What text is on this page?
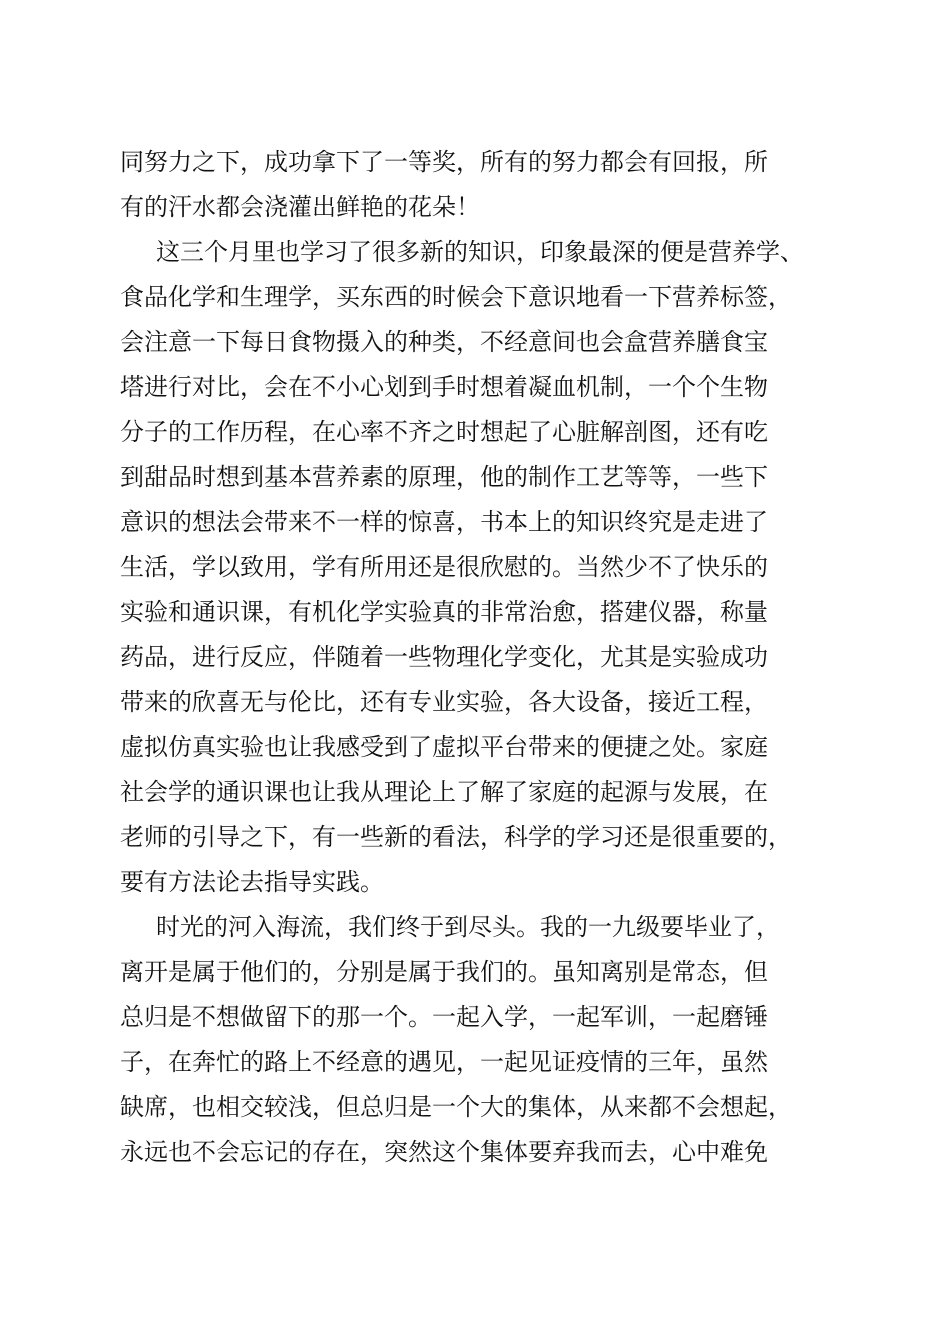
同努力之下，成功拿下了一等奖，所有的努力都会有回报，所
有的汗水都会浇灌出鲜艳的花朵！
这三个月里也学习了很多新的知识，印象最深的便是营养学、
食品化学和生理学，买东西的时候会下意识地看一下营养标签，
会注意一下每日食物摄入的种类，不经意间也会盒营养膳食宝
塔进行对比，会在不小心划到手时想着凝血机制，一个个生物
分子的工作历程，在心率不齐之时想起了心脏解剖图，还有吃
到甜品时想到基本营养素的原理，他的制作工艺等等，一些下
意识的想法会带来不一样的惊喜，书本上的知识终究是走进了
生活，学以致用，学有所用还是很欣慰的。当然少不了快乐的
实验和通识课，有机化学实验真的非常治愈，搭建仪器，称量
药品，进行反应，伴随着一些物理化学变化，尤其是实验成功
带来的欣喜无与伦比，还有专业实验，各大设备，接近工程，
虚拟仿真实验也让我感受到了虚拟平台带来的便捷之处。家庭
社会学的通识课也让我从理论上了解了家庭的起源与发展，在
老师的引导之下，有一些新的看法，科学的学习还是很重要的，
要有方法论去指导实践。
时光的河入海流，我们终于到尽头。我的一九级要毕业了，
离开是属于他们的，分别是属于我们的。虽知离别是常态，但
总归是不想做留下的那一个。一起入学，一起军训，一起磨锤
子，在奔忙的路上不经意的遇见，一起见证疫情的三年，虽然
缺席，也相交较浅，但总归是一个大的集体，从来都不会想起，
永远也不会忘记的存在，突然这个集体要弃我而去，心中难免
